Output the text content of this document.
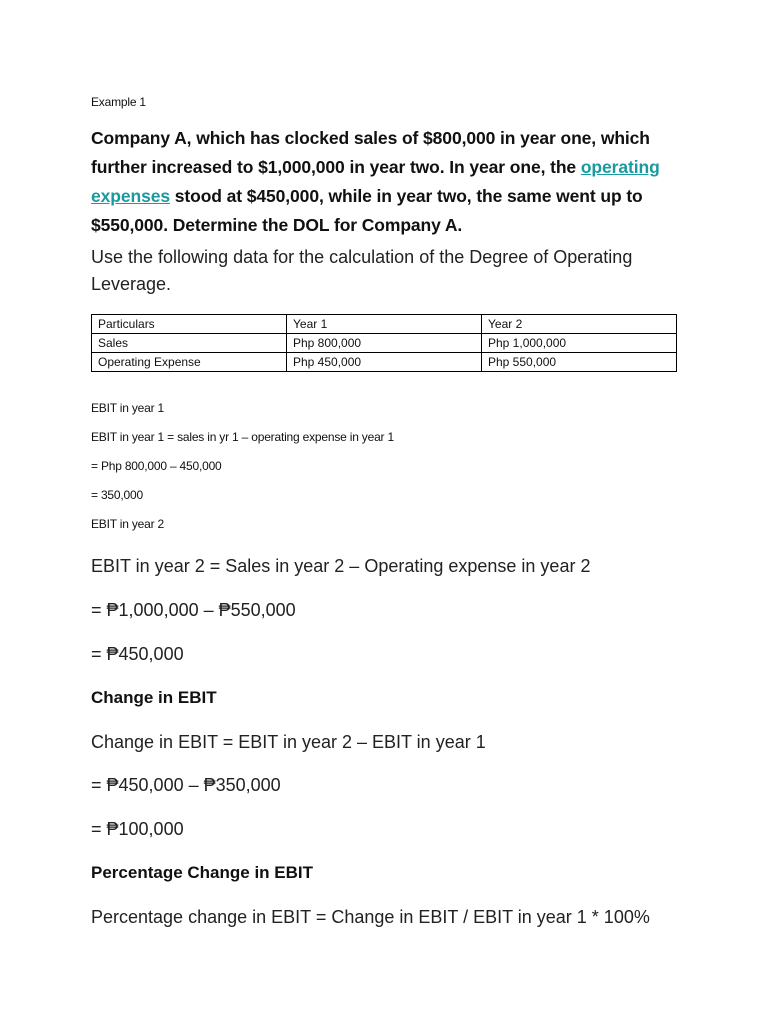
Example 1
Company A, which has clocked sales of $800,000 in year one, which further increased to $1,000,000 in year two. In year one, the operating expenses stood at $450,000, while in year two, the same went up to $550,000. Determine the DOL for Company A.
Use the following data for the calculation of the Degree of Operating Leverage.
Particulars	Year 1	Year 2
Sales	Php 800,000	Php 1,000,000
Operating Expense	Php 450,000	Php 550,000
EBIT in year 1
EBIT in year 1 = sales in yr 1 – operating expense in year 1
= Php 800,000 – 450,000
= 350,000
EBIT in year 2
EBIT in year 2 = Sales in year 2 – Operating expense in year 2
= ₱1,000,000 – ₱550,000
= ₱450,000
Change in EBIT
Change in EBIT = EBIT in year 2 – EBIT in year 1
= ₱450,000 – ₱350,000
= ₱100,000
Percentage Change in EBIT
Percentage change in EBIT = Change in EBIT / EBIT in year 1 * 100%
